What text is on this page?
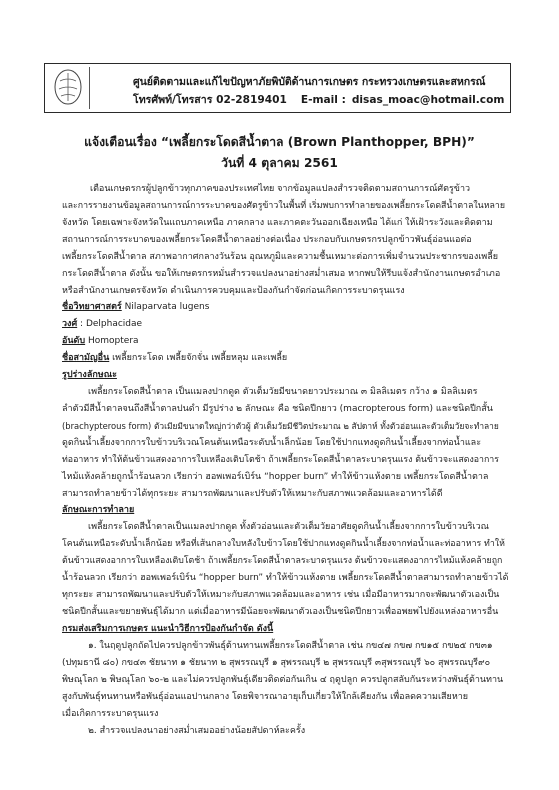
ศูนย์ติดตามและแก้ไขปัญหาภัยพิบัติด้านการเกษตร กระทรวงเกษตรและสหกรณ์
โทรศัพท์/โทรสาร 02-2819401 E-mail : disas_moac@hotmail.com
แจ้งเตือนเรื่อง “เพลี้ยกระโดดสีน้ำตาล (Brown Planthopper, BPH)”
วันที่ 4 ตุลาคม 2561
เตือนเกษตรกรผู้ปลูกข้าวทุกภาคของประเทศไทย จากข้อมูลแปลงสำรวจติดตามสถานการณ์ศัตรูข้าว
และการรายงานข้อมูลสถานการณ์การระบาดของศัตรูข้าวในพื้นที่ เริ่มพบการทำลายของเพลี้ยกระโดดสีน้ำตาลในหลาย
จังหวัด โดยเฉพาะจังหวัดในแถบภาคเหนือ ภาคกลาง และภาคตะวันออกเฉียงเหนือ ได้แก่ ให้เฝ้าระวังและติดตาม
สถานการณ์การระบาดของเพลี้ยกระโดดสีน้ำตาลอย่างต่อเนื่อง ประกอบกับเกษตรกรปลูกข้าวพันธุ์อ่อนแอต่อ
เพลี้ยกระโดดสีน้ำตาล สภาพอากาศกลางวันร้อน อุณหภูมิและความชื้นเหมาะต่อการเพิ่มจำนวนประชากรของเพลี้ย
กระโดดสีน้ำตาล ดังนั้น ขอให้เกษตรกรหมั่นสำรวจแปลงนาอย่างสม่ำเสมอ หากพบให้รีบแจ้งสำนักงานเกษตรอำเภอ
หรือสำนักงานเกษตรจังหวัด ดำเนินการควบคุมและป้องกันกำจัดก่อนเกิดการระบาดรุนแรง
ชื่อวิทยาศาสตร์ Nilaparvata lugens
วงศ์ : Delphacidae
อันดับ Homoptera
ชื่อสามัญอื่น เพลี้ยกระโดด เพลี้ยจักจั่น เพลี้ยหลุม และเพลี้ย
รูปร่างลักษณะ
เพลี้ยกระโดดสีน้ำตาล เป็นแมลงปากดูด ตัวเต็มวัยมีขนาดยาวประมาณ ๓ มิลลิเมตร กว้าง ๑ มิลลิเมตร
ลำตัวมีสีน้ำตาลจนถึงสีน้ำตาลปนดำ มีรูปร่าง ๒ ลักษณะ คือ ชนิดปีกยาว (macropterous form) และชนิดปีกสั้น
(brachypterous form) ตัวเมียมีขนาดใหญ่กว่าตัวผู้ ตัวเต็มวัยมีชีวิตประมาณ ๒ สัปดาห์ ทั้งตัวอ่อนและตัวเต็มวัยจะทำลาย
ดูดกินน้ำเลี้ยงจากการใบข้าวบริเวณโคนต้นเหนือระดับน้ำเล็กน้อย โดยใช้ปากแทงดูดกินน้ำเลี้ยงจากท่อน้ำและ
ท่ออาหาร ทำให้ต้นข้าวแสดงอาการใบเหลืองเติบโตช้า ถ้าเพลี้ยกระโดดสีน้ำตาลระบาดรุนแรง ต้นข้าวจะแสดงอาการ
ไหม้แห้งคล้ายถูกน้ำร้อนลวก เรียกว่า ฮอพเพอร์เบิร์น “hopper burn” ทำให้ข้าวแห้งตาย เพลี้ยกระโดดสีน้ำตาล
สามารถทำลายข้าวได้ทุกระยะ สามารถพัฒนาและปรับตัวให้เหมาะกับสภาพแวดล้อมและอาหารได้ดี
ลักษณะการทำลาย
เพลี้ยกระโดดสีน้ำตาลเป็นแมลงปากดูด ทั้งตัวอ่อนและตัวเต็มวัยอาศัยดูดกินน้ำเลี้ยงจากการใบข้าวบริเวณ
โคนต้นเหนือระดับน้ำเล็กน้อย หรือที่เส้นกลางใบหลังใบข้าวโดยใช้ปากแทงดูดกินน้ำเลี้ยงจากท่อน้ำและท่ออาหาร ทำให้
ต้นข้าวแสดงอาการใบเหลืองเติบโตช้า ถ้าเพลี้ยกระโดดสีน้ำตาลระบาดรุนแรง ต้นข้าวจะแสดงอาการไหม้แห้งคล้ายถูก
น้ำร้อนลวก เรียกว่า ฮอพเพอร์เบิร์น “hopper burn” ทำให้ข้าวแห้งตาย เพลี้ยกระโดดสีน้ำตาลสามารถทำลายข้าวได้
ทุกระยะ สามารถพัฒนาและปรับตัวให้เหมาะกับสภาพแวดล้อมและอาหาร เช่น เมื่อมีอาหารมากจะพัฒนาตัวเองเป็น
ชนิดปีกสั้นและขยายพันธุ์ได้มาก แต่เมื่ออาหารมีน้อยจะพัฒนาตัวเองเป็นชนิดปีกยาวเพื่ออพยพไปยังแหล่งอาหารอื่น
กรมส่งเสริมการเกษตร แนะนำวิธีการป้องกันกำจัด ดังนี้
๑. ในฤดูปลูกถัดไปควรปลูกข้าวพันธุ์ต้านทานเพลี้ยกระโดดสีน้ำตาล เช่น กข๔๗ กข๗ กข๑๕ กข๒๕ กข๓๑
(ปทุมธานี ๘๐) กข๔๓ ชัยนาท ๑ ชัยนาท ๒ สุพรรณบุรี ๑ สุพรรณบุรี ๒ สุพรรณบุรี ๓สุพรรณบุรี ๖๐ สุพรรณบุรี๙๐
พิษณุโลก ๒ พิษณุโลก ๖๐-๒ และไม่ควรปลูกพันธุ์เดียวติดต่อกันเกิน ๔ ฤดูปลูก ควรปลูกสลับกันระหว่างพันธุ์ต้านทาน
สูงกับพันธุ์ทนทานหรือพันธุ์อ่อนแอปานกลาง โดยพิจารณาอายุเก็บเกี่ยวให้ใกล้เคียงกัน เพื่อลดความเสียหาย
เมื่อเกิดการระบาดรุนแรง
๒. สำรวจแปลงนาอย่างสม่ำเสมออย่างน้อยสัปดาห์ละครั้ง
